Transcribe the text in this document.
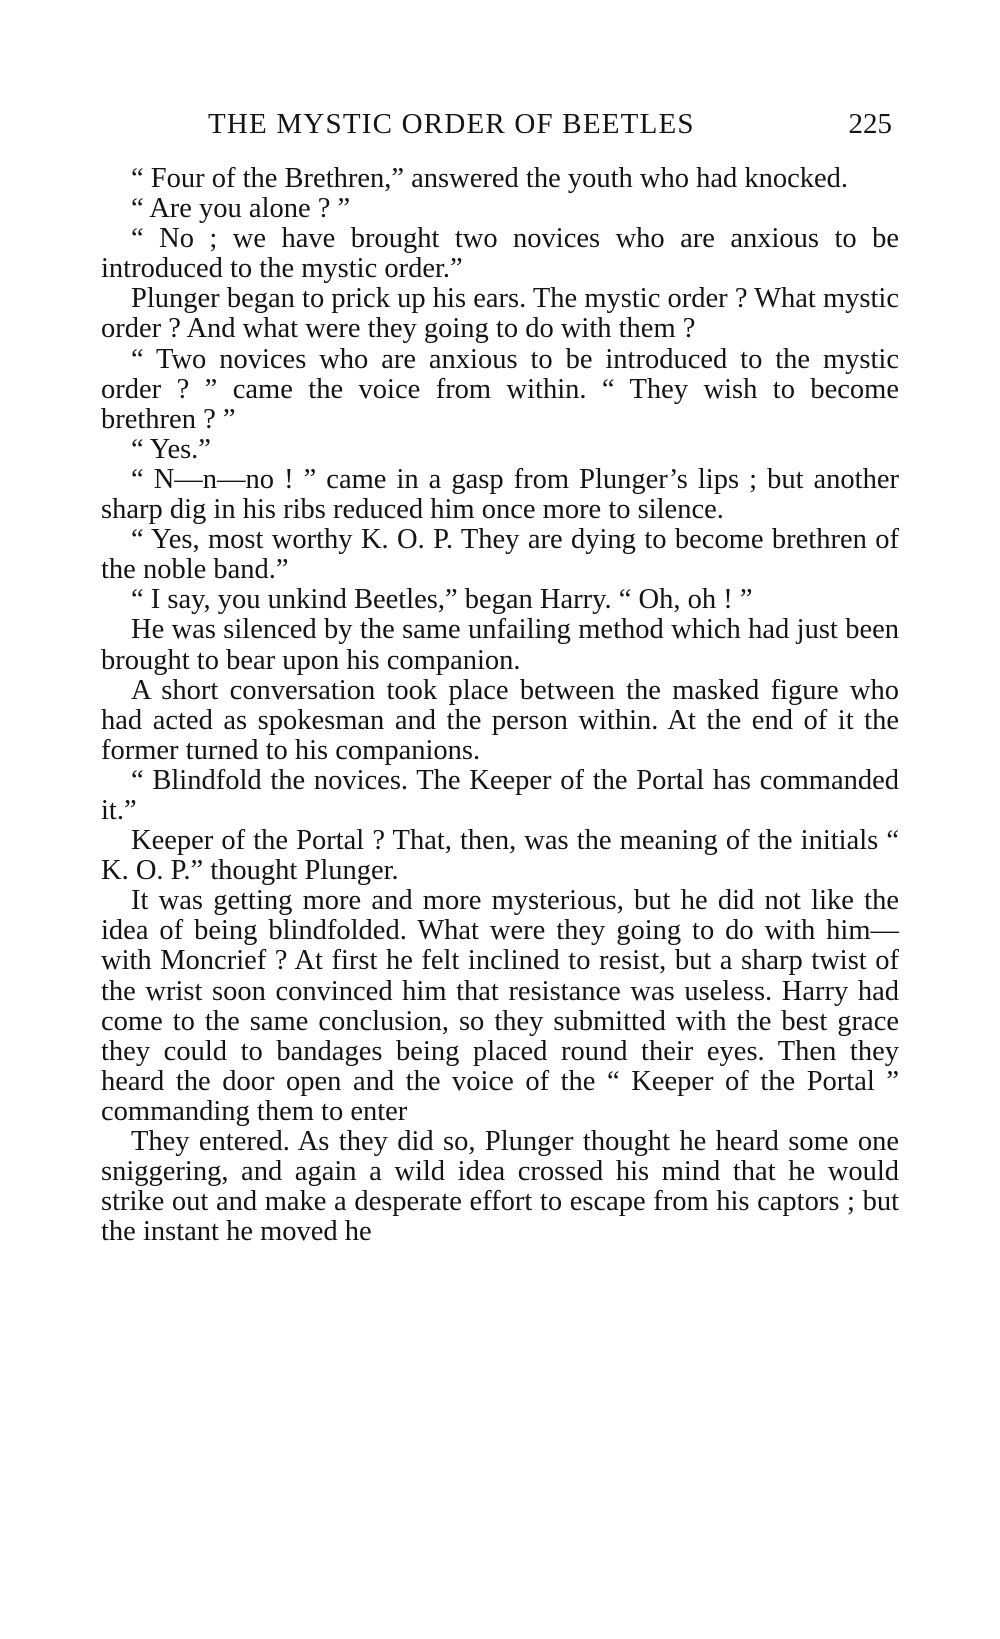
THE MYSTIC ORDER OF BEETLES	225

“ Four of the Brethren,” answered the youth who had knocked.

“ Are you alone ? ”

“ No ; we have brought two novices who are anxious to be introduced to the mystic order.”

Plunger began to prick up his ears. The mystic order ? What mystic order ? And what were they going to do with them ?

“ Two novices who are anxious to be introduced to the mystic order ? ” came the voice from within. “ They wish to become brethren ? ”

“ Yes.”

“ N—n—no ! ” came in a gasp from Plunger’s lips ; but another sharp dig in his ribs reduced him once more to silence.

“ Yes, most worthy K. O. P. They are dying to become brethren of the noble band.”

“ I say, you unkind Beetles,” began Harry. “ Oh, oh ! ”

He was silenced by the same unfailing method which had just been brought to bear upon his companion.

A short conversation took place between the masked figure who had acted as spokesman and the person within. At the end of it the former turned to his companions.

“ Blindfold the novices. The Keeper of the Portal has commanded it.”

Keeper of the Portal ? That, then, was the meaning of the initials “ K. O. P.” thought Plunger.

It was getting more and more mysterious, but he did not like the idea of being blindfolded. What were they going to do with him—with Moncrief ? At first he felt inclined to resist, but a sharp twist of the wrist soon convinced him that resistance was useless. Harry had come to the same conclusion, so they submitted with the best grace they could to bandages being placed round their eyes. Then they heard the door open and the voice of the “ Keeper of the Portal ” commanding them to enter

They entered. As they did so, Plunger thought he heard some one sniggering, and again a wild idea crossed his mind that he would strike out and make a desperate effort to escape from his captors ; but the instant he moved he
